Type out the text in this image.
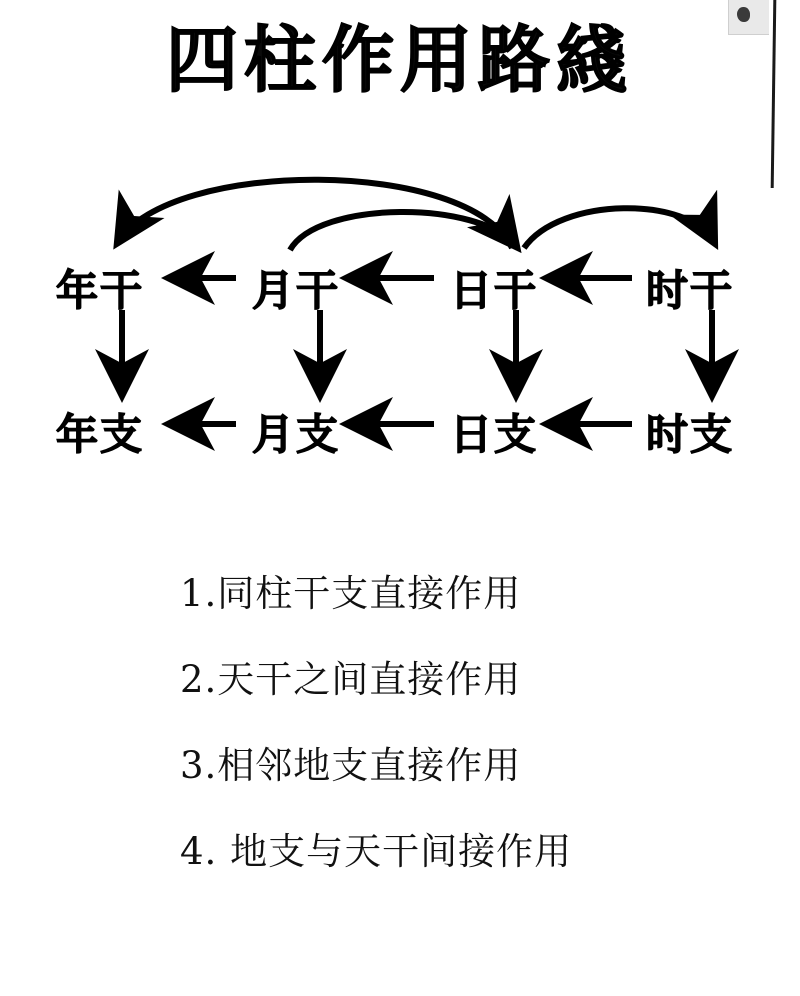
四柱作用路綫
年干	月干	日干	时干
年支	月支	日支	时支
1.同柱干支直接作用
2.天干之间直接作用
3.相邻地支直接作用
4. 地支与天干间接作用
